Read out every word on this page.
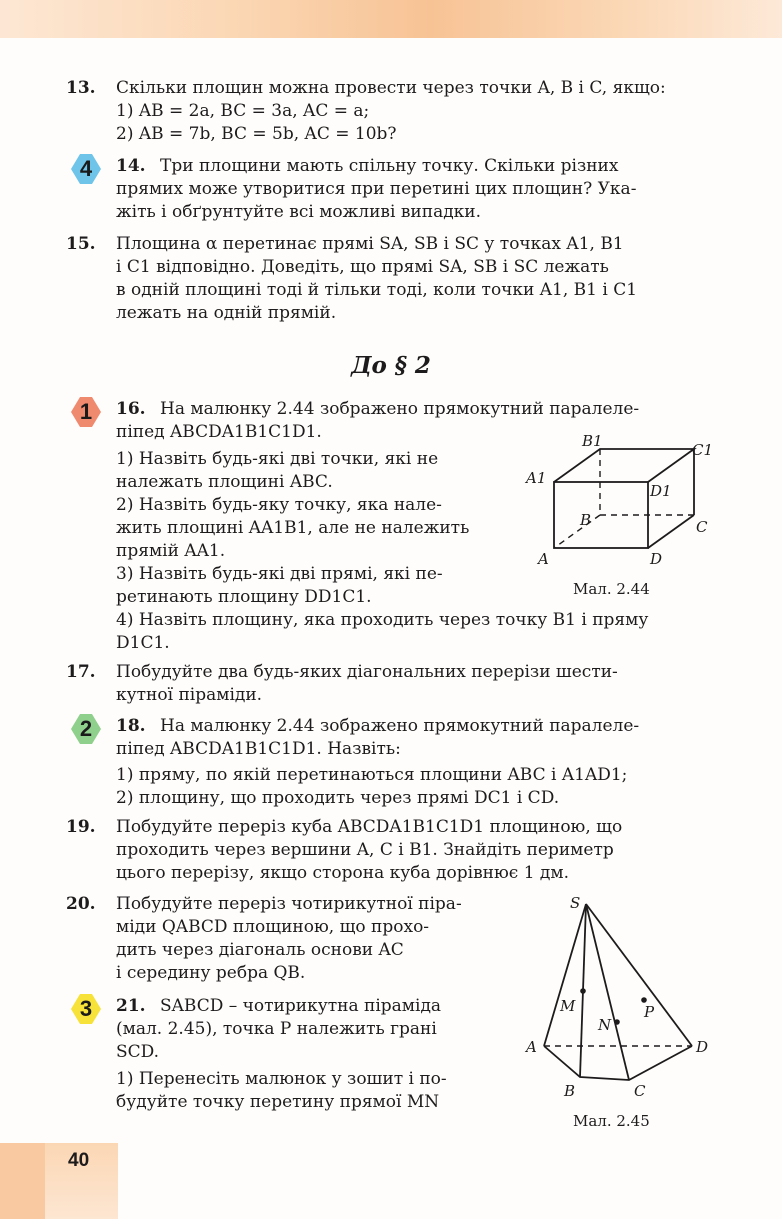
13. Скільки площин можна провести через точки A, B і C, якщо:
1) AB = 2a, BC = 3a, AC = a;
2) AB = 7b, BC = 5b, AC = 10b?
4	14. Три площини мають спільну точку. Скільки різних
прямих може утворитися при перетині цих площин? Ука-
жіть і обґрунтуйте всі можливі випадки.
15. Площина α перетинає прямі SA, SB і SC у точках A1, B1
і C1 відповідно. Доведіть, що прямі SA, SB і SC лежать
в одній площині тоді й тільки тоді, коли точки A1, B1 і C1
лежать на одній прямій.
До § 2
1	16. На малюнку 2.44 зображено прямокутний паралеле-
піпед ABCDA1B1C1D1.
1) Назвіть будь-які дві точки, які не
належать площині ABC.
2) Назвіть будь-яку точку, яка нале-
жить площині AA1B1, але не належить
прямій AA1.
3) Назвіть будь-які дві прямі, які пе-
ретинають площину DD1C1.
4) Назвіть площину, яка проходить через точку B1 і пряму
D1C1.
B1	C1
A1
D1
B	C
A	D
Мал. 2.44
17. Побудуйте два будь-яких діагональних перерізи шести-
кутної піраміди.
2	18. На малюнку 2.44 зображено прямокутний паралеле-
піпед ABCDA1B1C1D1. Назвіть:
1) пряму, по якій перетинаються площини ABC і A1AD1;
2) площину, що проходить через прямі DC1 і CD.
19. Побудуйте переріз куба ABCDA1B1C1D1 площиною, що
проходить через вершини A, C і B1. Знайдіть периметр
цього перерізу, якщо сторона куба дорівнює 1 дм.
20. Побудуйте переріз чотирикутної піра-
міди QABCD площиною, що прохо-
дить через діагональ основи AC
і середину ребра QB.
3	21. SABCD – чотирикутна піраміда
(мал. 2.45), точка P належить грані
SCD.
1) Перенесіть малюнок у зошит і по-
будуйте точку перетину прямої MN
S
M
N
P
A	D
B	C
Мал. 2.45
40
